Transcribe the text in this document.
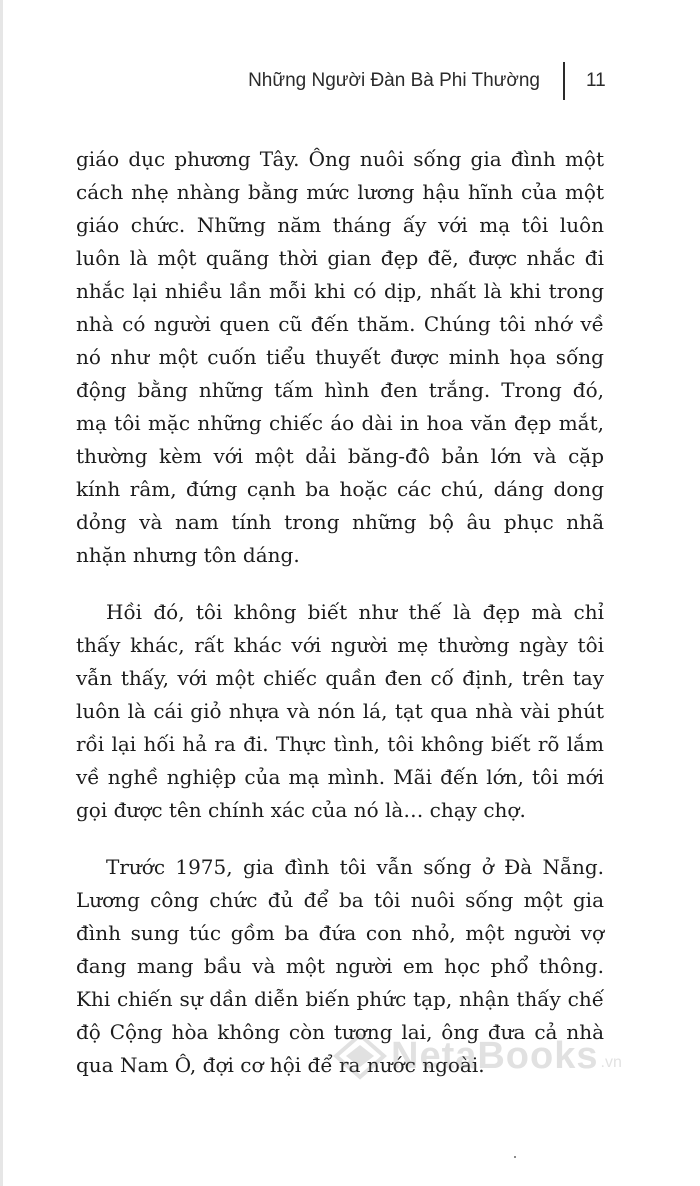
Những Người Đàn Bà Phi Thường 11

giáo dục phương Tây. Ông nuôi sống gia đình một cách nhẹ nhàng bằng mức lương hậu hĩnh của một giáo chức. Những năm tháng ấy với mạ tôi luôn luôn là một quãng thời gian đẹp đẽ, được nhắc đi nhắc lại nhiều lần mỗi khi có dịp, nhất là khi trong nhà có người quen cũ đến thăm. Chúng tôi nhớ về nó như một cuốn tiểu thuyết được minh họa sống động bằng những tấm hình đen trắng. Trong đó, mạ tôi mặc những chiếc áo dài in hoa văn đẹp mắt, thường kèm với một dải băng-đô bản lớn và cặp kính râm, đứng cạnh ba hoặc các chú, dáng dong dỏng và nam tính trong những bộ âu phục nhã nhặn nhưng tôn dáng.

Hồi đó, tôi không biết như thế là đẹp mà chỉ thấy khác, rất khác với người mẹ thường ngày tôi vẫn thấy, với một chiếc quần đen cố định, trên tay luôn là cái giỏ nhựa và nón lá, tạt qua nhà vài phút rồi lại hối hả ra đi. Thực tình, tôi không biết rõ lắm về nghề nghiệp của mạ mình. Mãi đến lớn, tôi mới gọi được tên chính xác của nó là… chạy chợ.

Trước 1975, gia đình tôi vẫn sống ở Đà Nẵng. Lương công chức đủ để ba tôi nuôi sống một gia đình sung túc gồm ba đứa con nhỏ, một người vợ đang mang bầu và một người em học phổ thông. Khi chiến sự dần diễn biến phức tạp, nhận thấy chế độ Cộng hòa không còn tương lai, ông đưa cả nhà qua Nam Ô, đợi cơ hội để ra nước ngoài.

NetaBooks .vn
